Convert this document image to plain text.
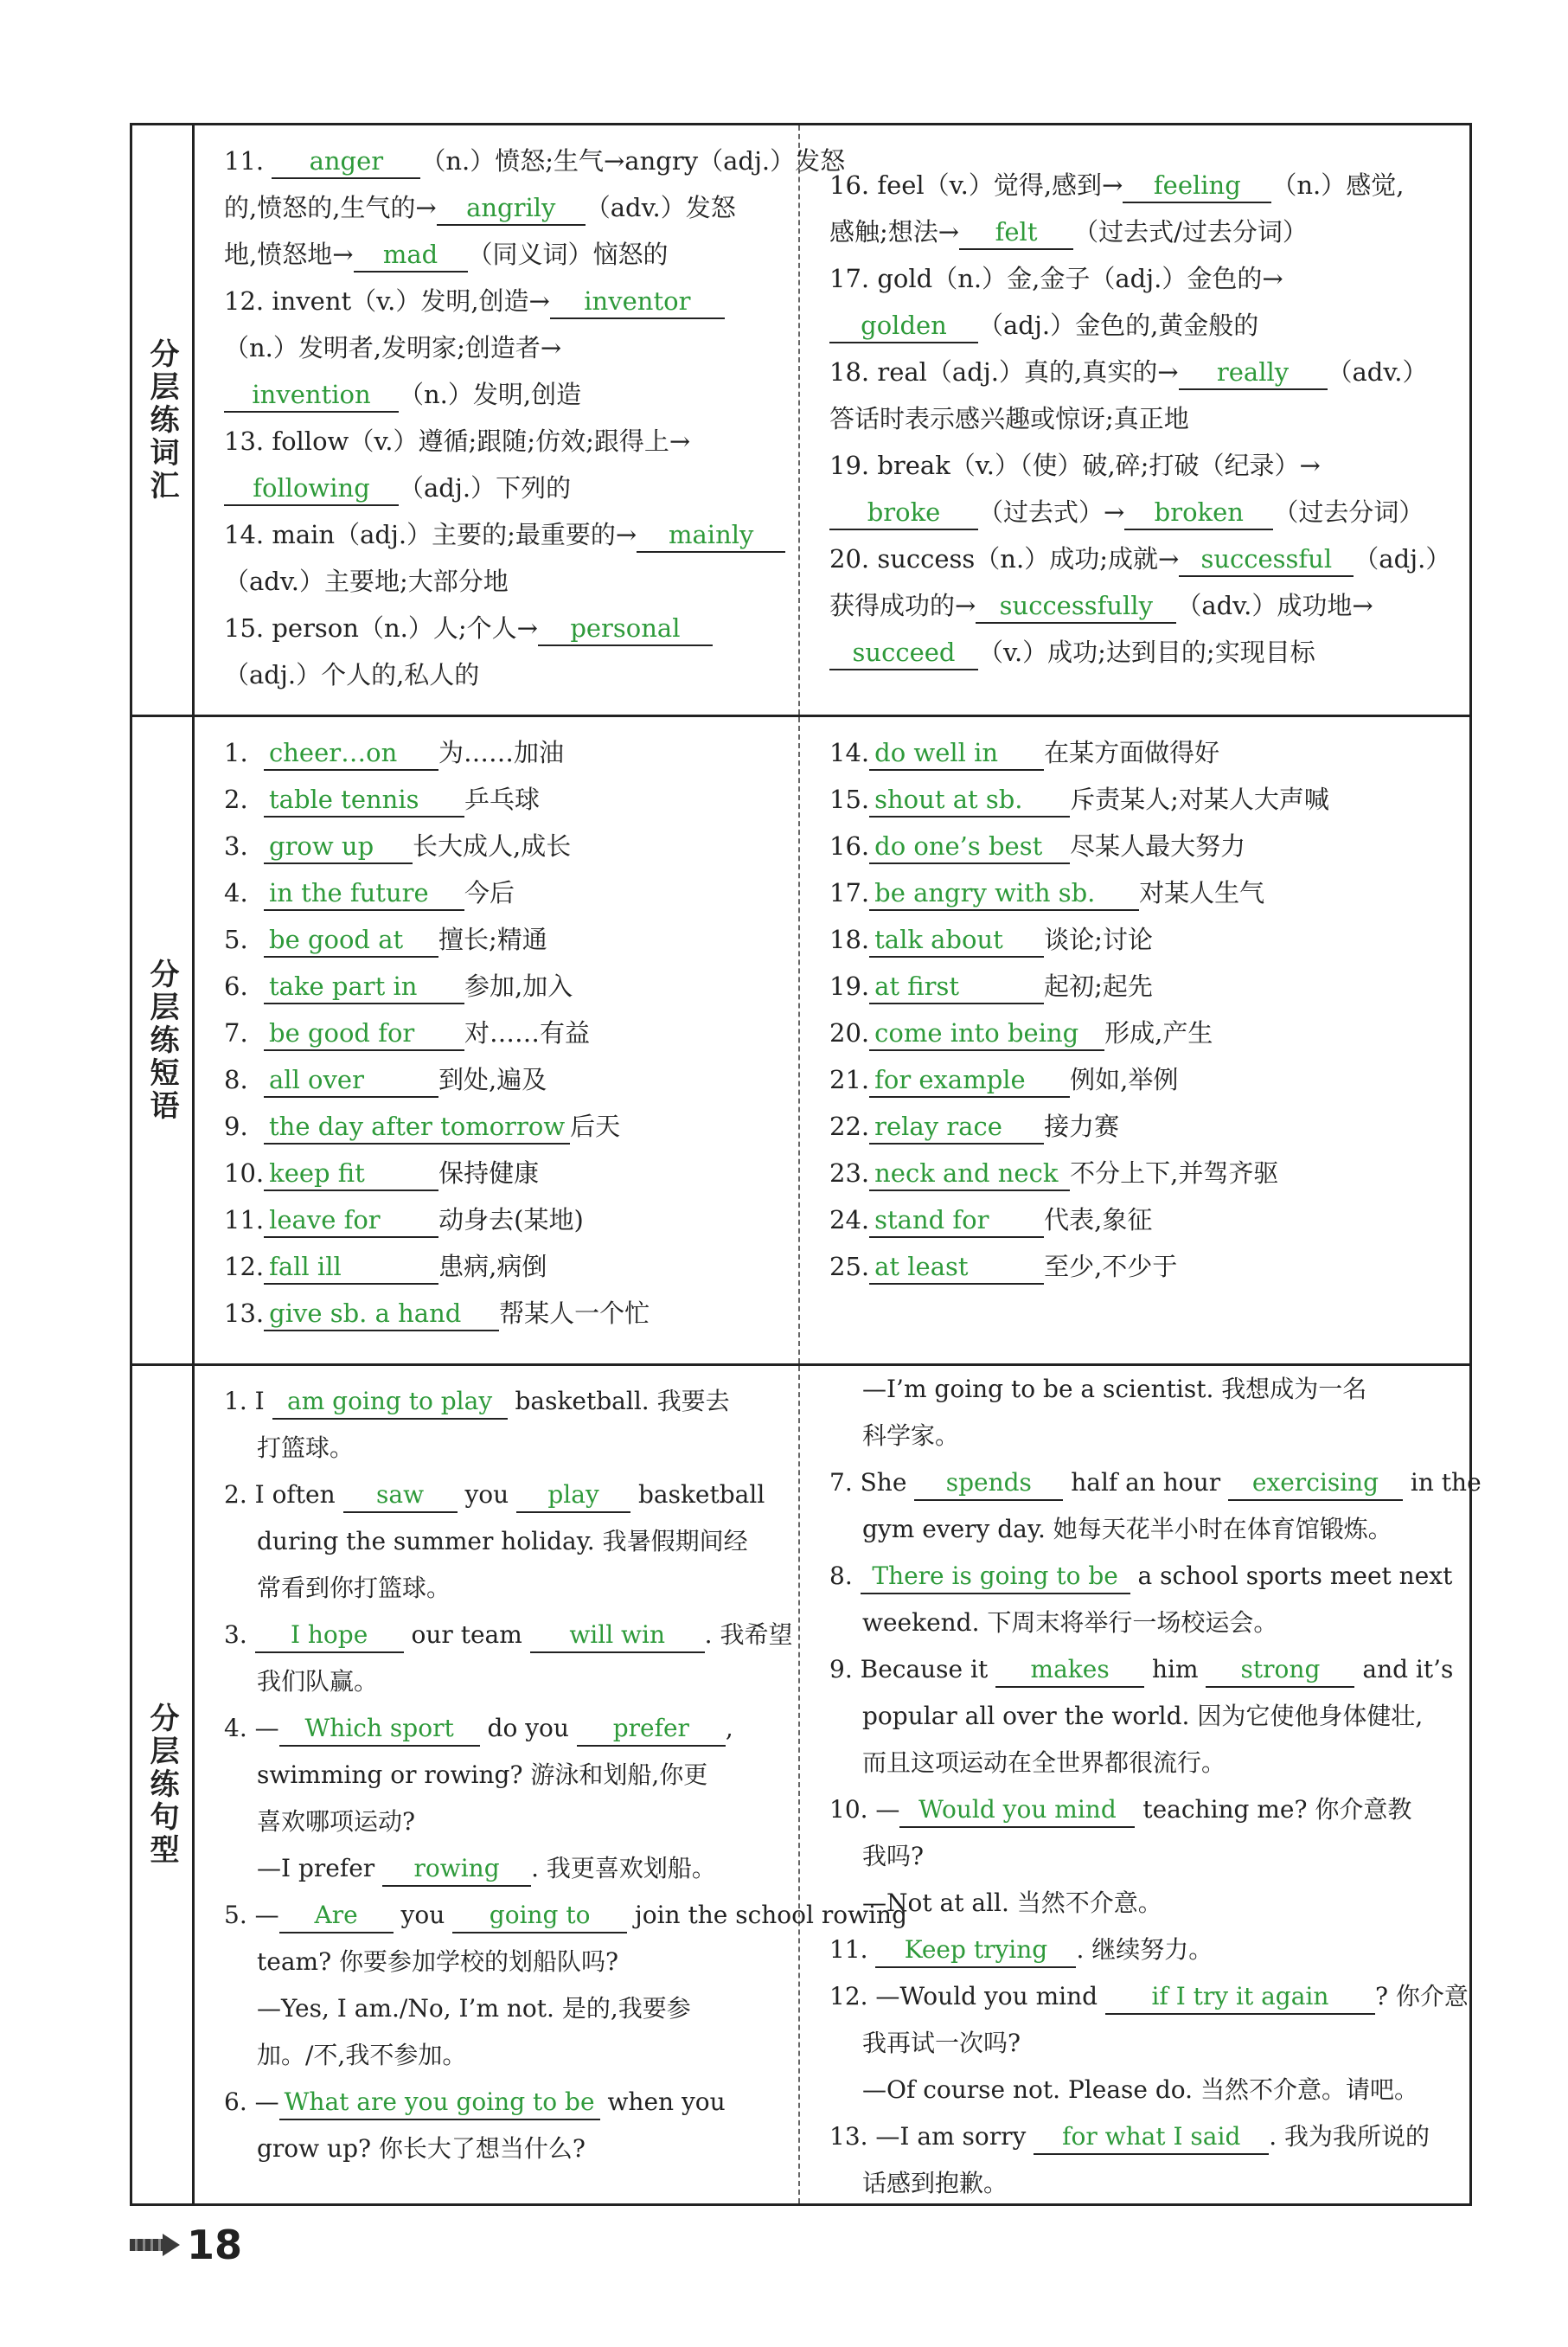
分层练词汇
11. anger （n.）愤怒;生气→angry（adj.）发怒
的,愤怒的,生气的→ angrily （adv.）发怒
地,愤怒地→ mad （同义词）恼怒的
12. invent（v.）发明,创造→ inventor
（n.）发明者,发明家;创造者→
invention （n.）发明,创造
13. follow（v.）遵循;跟随;仿效;跟得上→
following （adj.）下列的
14. main（adj.）主要的;最重要的→ mainly
（adv.）主要地;大部分地
15. person（n.）人;个人→ personal
（adj.）个人的,私人的
16. feel（v.）觉得,感到→ feeling （n.）感觉,
感触;想法→ felt （过去式/过去分词）
17. gold（n.）金,金子（adj.）金色的→
golden （adj.）金色的,黄金般的
18. real（adj.）真的,真实的→ really （adv.）
答话时表示感兴趣或惊讶;真正地
19. break（v.）（使）破,碎;打破（纪录）→
broke （过去式）→ broken （过去分词）
20. success（n.）成功;成就→ successful （adj.）
获得成功的→ successfully （adv.）成功地→
succeed （v.）成功;达到目的;实现目标
分层练短语
1. cheer…on 为……加油
2. table tennis 乒乓球
3. grow up 长大成人,成长
4. in the future 今后
5. be good at 擅长;精通
6. take part in 参加,加入
7. be good for 对……有益
8. all over	到处,遍及
9. the day after tomorrow 后天
10. keep fit	保持健康
11. leave for 动身去(某地)
12. fall ill	患病,病倒
13. give sb. a hand 帮某人一个忙
14. do well in 在某方面做得好
15. shout at sb. 斥责某人;对某人大声喊
16. do one’s best 尽某人最大努力
17. be angry with sb. 对某人生气
18. talk about 谈论;讨论
19. at first	起初;起先
20. come into being 形成,产生
21. for example 例如,举例
22. relay race 接力赛
23. neck and neck 不分上下,并驾齐驱
24. stand for 代表,象征
25. at least	至少,不少于
分层练句型
1. I am going to play basketball. 我要去
打篮球。
2. I often saw you play basketball
during the summer holiday. 我暑假期间经
常看到你打篮球。
3. I hope our team will win . 我希望
我们队赢。
4. — Which sport do you prefer ,
swimming or rowing? 游泳和划船,你更
喜欢哪项运动?
—I prefer rowing . 我更喜欢划船。
5. — Are you going to join the school rowing
team? 你要参加学校的划船队吗?
—Yes, I am./No, I’m not. 是的,我要参
加。/不,我不参加。
6. — What are you going to be when you
grow up? 你长大了想当什么?
—I’m going to be a scientist. 我想成为一名
科学家。
7. She spends half an hour exercising in the
gym every day. 她每天花半小时在体育馆锻炼。
8. There is going to be a school sports meet next
weekend. 下周末将举行一场校运会。
9. Because it makes him strong and it’s
popular all over the world. 因为它使他身体健壮,
而且这项运动在全世界都很流行。
10. — Would you mind teaching me? 你介意教
我吗?
—Not at all. 当然不介意。
11. Keep trying . 继续努力。
12. —Would you mind if I try it again ? 你介意
我再试一次吗?
—Of course not. Please do. 当然不介意。请吧。
13. —I am sorry for what I said . 我为我所说的
话感到抱歉。
18
